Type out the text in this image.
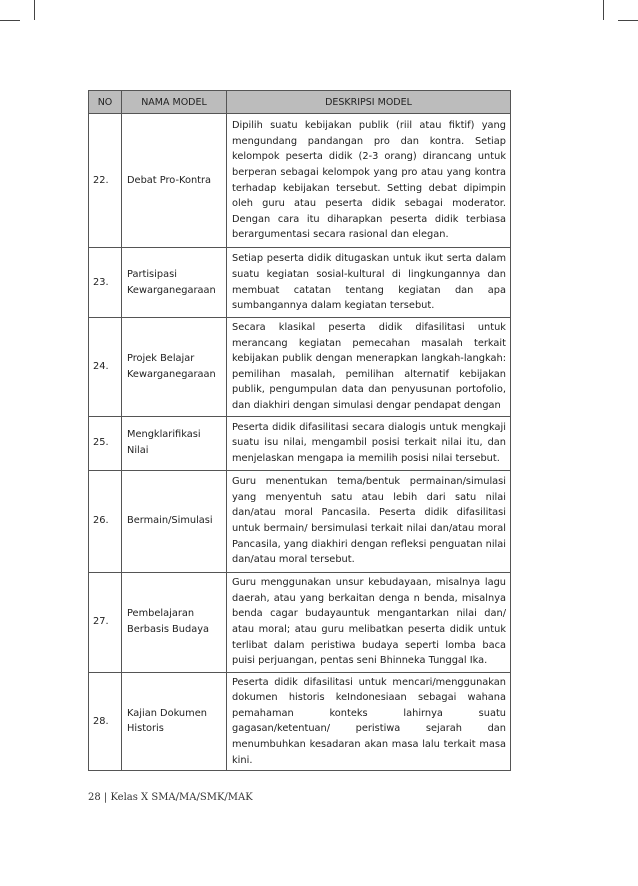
NO	NAMA MODEL	DESKRIPSI MODEL
22.	Debat Pro-Kontra	Dipilih suatu kebijakan publik (riil atau fiktif) yang mengundang pandangan pro dan kontra. Setiap kelompok peserta didik (2-3 orang) dirancang untuk berperan sebagai kelompok yang pro atau yang kontra terhadap kebijakan tersebut. Setting debat dipimpin oleh guru atau peserta didik sebagai moderator. Dengan cara itu diharapkan peserta didik terbiasa berargumentasi secara rasional dan elegan.
23.	Partisipasi Kewarganegaraan	Setiap peserta didik ditugaskan untuk ikut serta dalam suatu kegiatan sosial-kultural di lingkungannya dan membuat catatan tentang kegiatan dan apa sumbangannya dalam kegiatan tersebut.
24.	Projek Belajar Kewarganegaraan	Secara klasikal peserta didik difasilitasi untuk merancang kegiatan pemecahan masalah terkait kebijakan publik dengan menerapkan langkah-langkah: pemilihan masalah, pemilihan alternatif kebijakan publik, pengumpulan data dan penyusunan portofolio, dan diakhiri dengan simulasi dengar pendapat dengan
25.	Mengklarifikasi Nilai	Peserta didik difasilitasi secara dialogis untuk mengkaji suatu isu nilai, mengambil posisi terkait nilai itu, dan menjelaskan mengapa ia memilih posisi nilai tersebut.
26.	Bermain/Simulasi	Guru menentukan tema/bentuk permainan/simulasi yang menyentuh satu atau lebih dari satu nilai dan/atau moral Pancasila. Peserta didik difasilitasi untuk bermain/ bersimulasi terkait nilai dan/atau moral Pancasila, yang diakhiri dengan refleksi penguatan nilai dan/atau moral tersebut.
27.	Pembelajaran Berbasis Budaya	Guru menggunakan unsur kebudayaan, misalnya lagu daerah, atau yang berkaitan denga n benda, misalnya benda cagar budayauntuk mengantarkan nilai dan/ atau moral; atau guru melibatkan peserta didik untuk terlibat dalam peristiwa budaya seperti lomba baca puisi perjuangan, pentas seni Bhinneka Tunggal Ika.
28.	Kajian Dokumen Historis	Peserta didik difasilitasi untuk mencari/menggunakan dokumen historis keIndonesiaan sebagai wahana pemahaman konteks lahirnya suatu gagasan/ketentuan/ peristiwa sejarah dan menumbuhkan kesadaran akan masa lalu terkait masa kini.
28 | Kelas X SMA/MA/SMK/MAK
